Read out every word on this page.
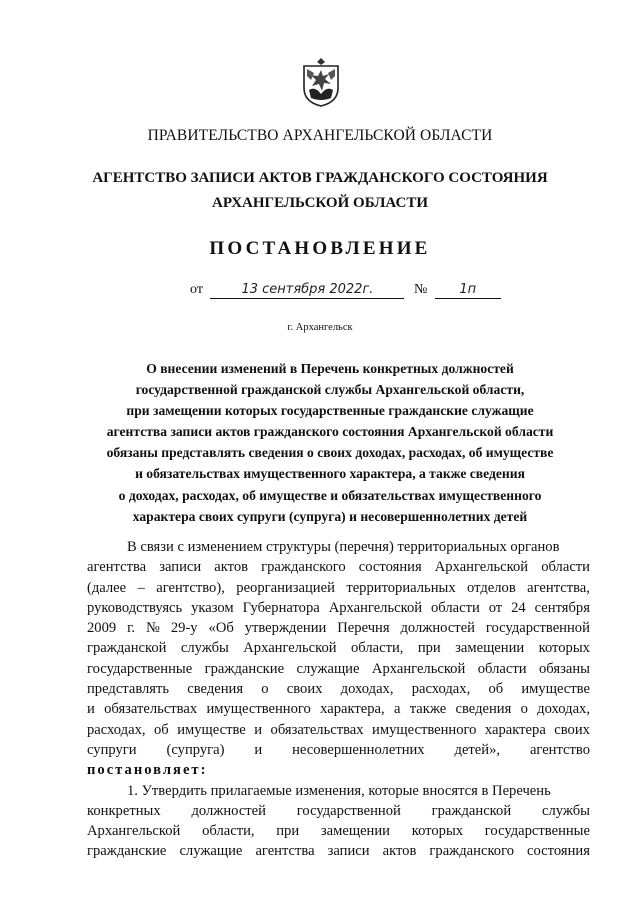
ПРАВИТЕЛЬСТВО АРХАНГЕЛЬСКОЙ ОБЛАСТИ
АГЕНТСТВО ЗАПИСИ АКТОВ ГРАЖДАНСКОГО СОСТОЯНИЯ
АРХАНГЕЛЬСКОЙ ОБЛАСТИ
ПОСТАНОВЛЕНИЕ
от	13 сентября 2022г.	№ 1п
г. Архангельск
О внесении изменений в Перечень конкретных должностей
государственной гражданской службы Архангельской области,
при замещении которых государственные гражданские служащие
агентства записи актов гражданского состояния Архангельской области
обязаны представлять сведения о своих доходах, расходах, об имуществе
и обязательствах имущественного характера, а также сведения
о доходах, расходах, об имуществе и обязательствах имущественного
характера своих супруги (супруга) и несовершеннолетних детей
В связи с изменением структуры (перечня) территориальных органов
агентства записи актов гражданского состояния Архангельской области
(далее – агентство), реорганизацией территориальных отделов агентства,
руководствуясь указом Губернатора Архангельской области от 24 сентября
2009 г. № 29-у «Об утверждении Перечня должностей государственной
гражданской службы Архангельской области, при замещении которых
государственные гражданские служащие Архангельской области обязаны
представлять сведения о своих доходах, расходах, об имуществе
и обязательствах имущественного характера, а также сведения о доходах,
расходах, об имуществе и обязательствах имущественного характера своих
супруги (супруга) и несовершеннолетних детей», агентство
постановляет:
1. Утвердить прилагаемые изменения, которые вносятся в Перечень
конкретных должностей государственной гражданской службы
Архангельской области, при замещении которых государственные
гражданские служащие агентства записи актов гражданского состояния
